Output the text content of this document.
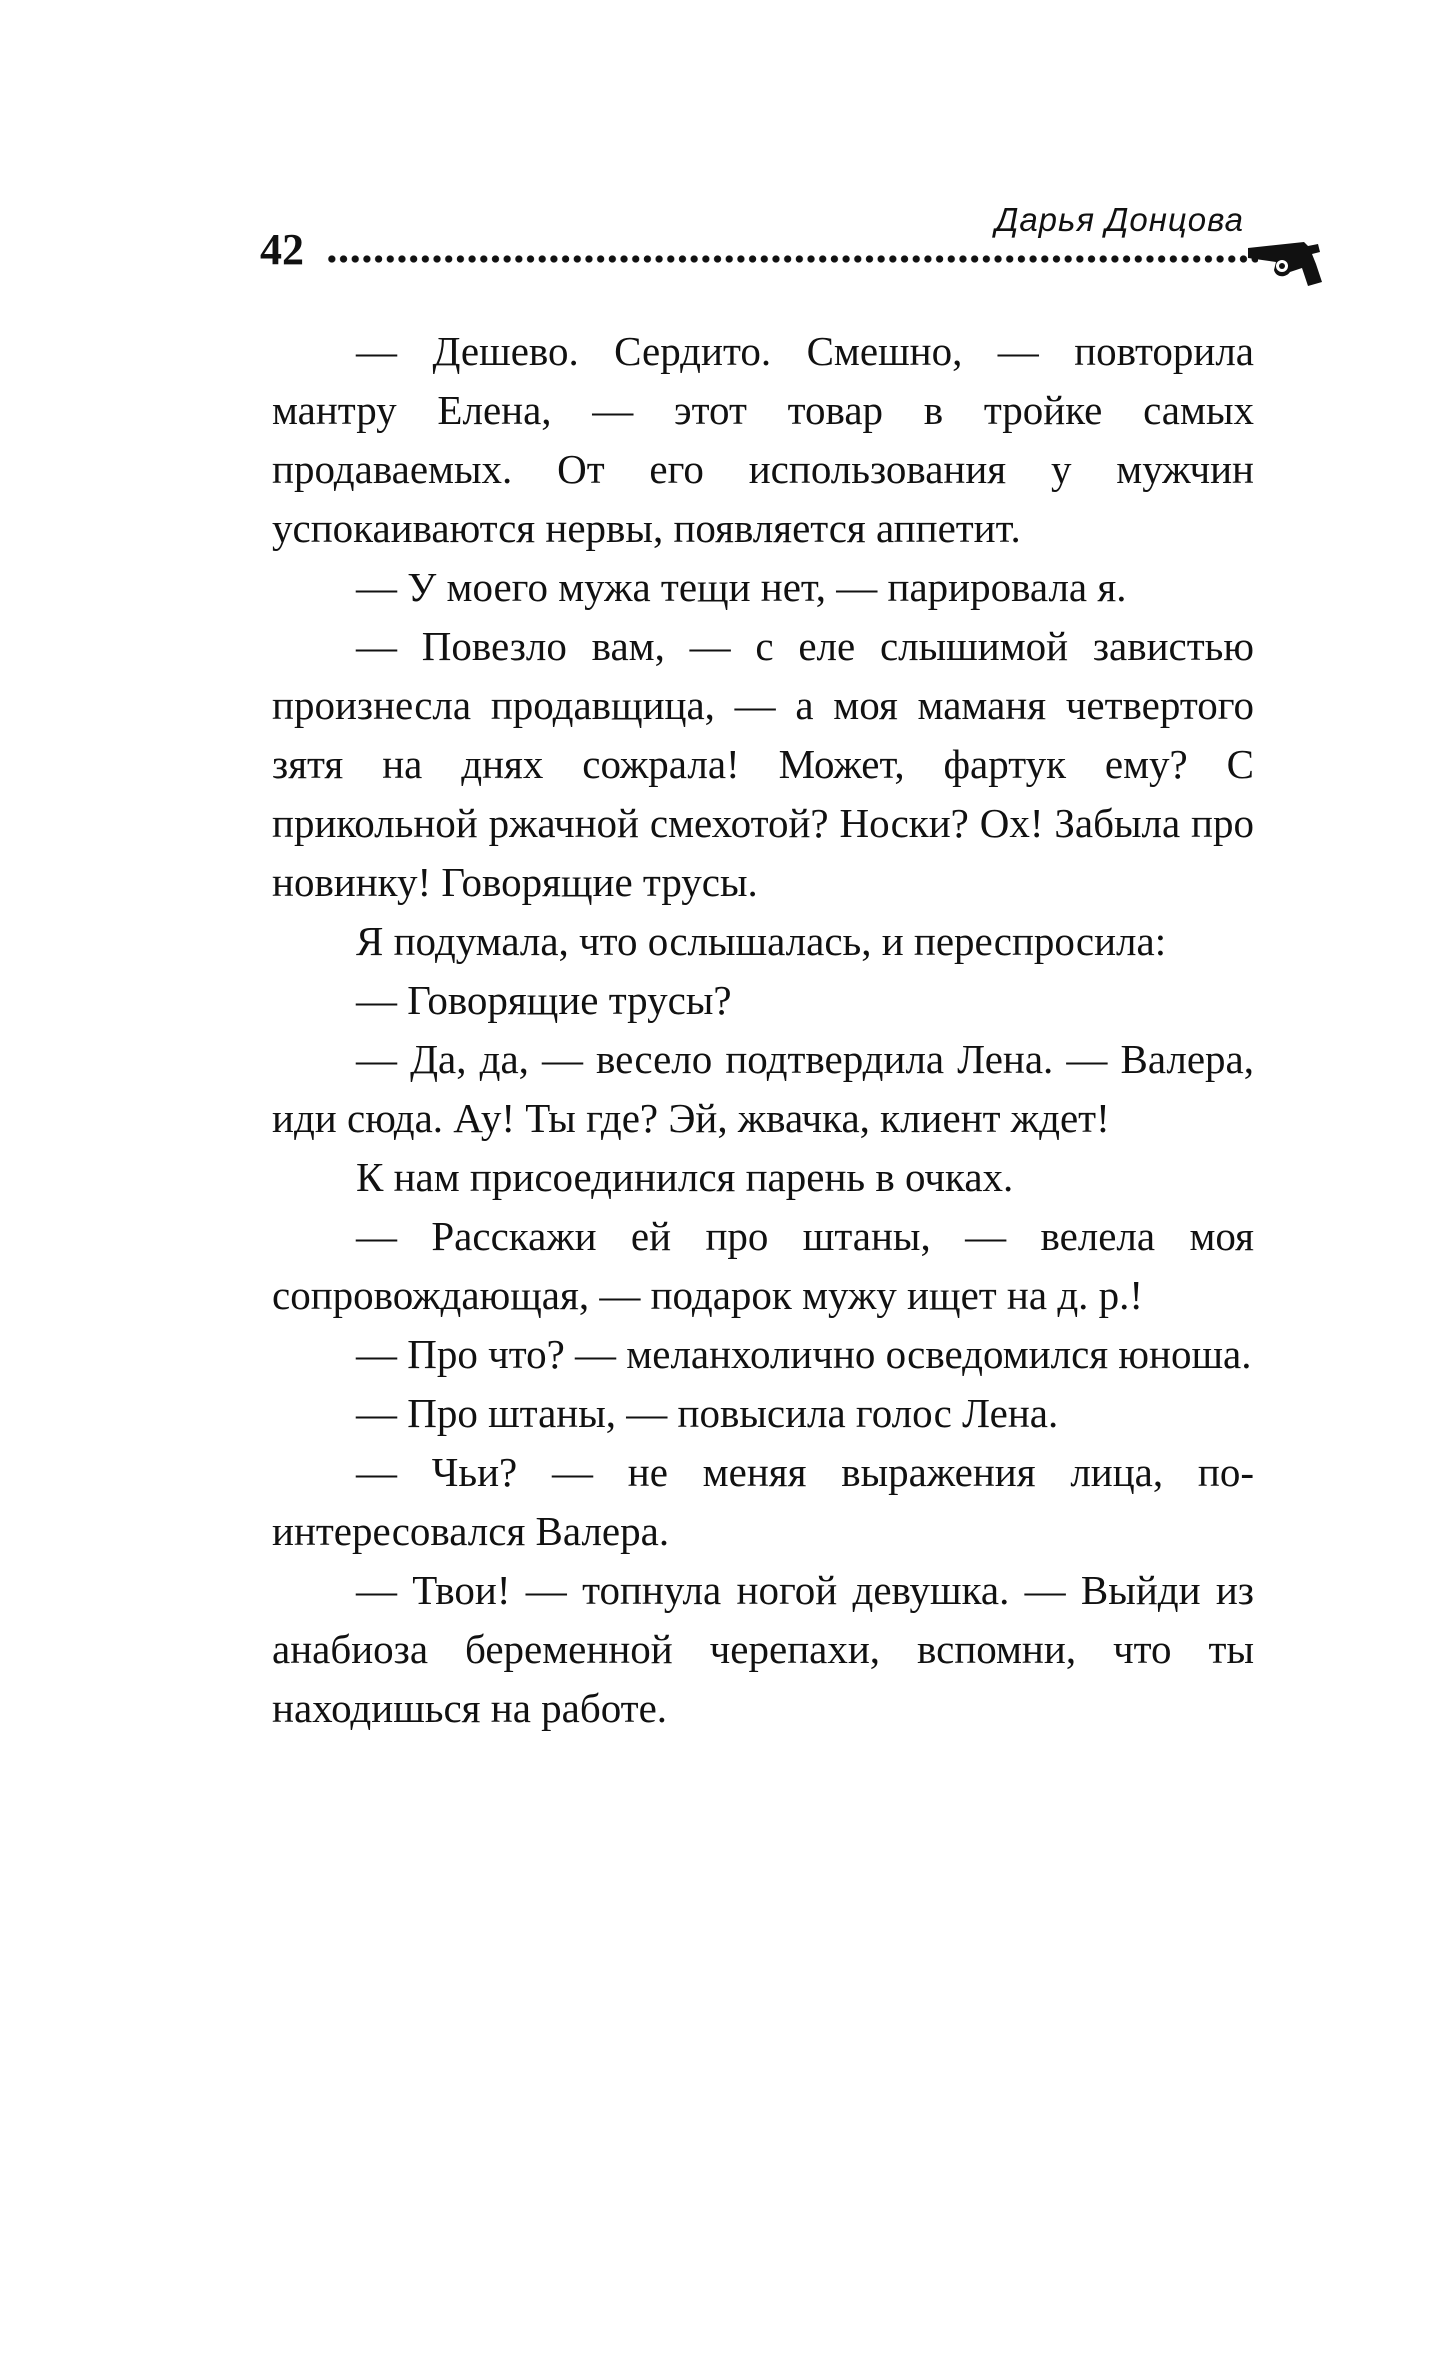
42
Дарья Донцова

— Дешево. Сердито. Смешно, — повторила мантру Елена, — этот товар в тройке самых продаваемых. От его использования у мужчин успокаиваются нервы, появляется аппетит.

— У моего мужа тещи нет, — парировала я.

— Повезло вам, — с еле слышимой завистью произнесла продавщица, — а моя маманя четвертого зятя на днях сожрала! Может, фартук ему? С прикольной ржачной смехотой? Носки? Ох! Забыла про новинку! Говорящие трусы.

Я подумала, что ослышалась, и переспросила:

— Говорящие трусы?

— Да, да, — весело подтвердила Лена. — Валера, иди сюда. Ау! Ты где? Эй, жвачка, клиент ждет!

К нам присоединился парень в очках.

— Расскажи ей про штаны, — велела моя сопровождающая, — подарок мужу ищет на д. р.!

— Про что? — меланхолично осведомился юноша.

— Про штаны, — повысила голос Лена.

— Чьи? — не меняя выражения лица, поинтересовался Валера.

— Твои! — топнула ногой девушка. — Выйди из анабиоза беременной черепахи, вспомни, что ты находишься на работе.
